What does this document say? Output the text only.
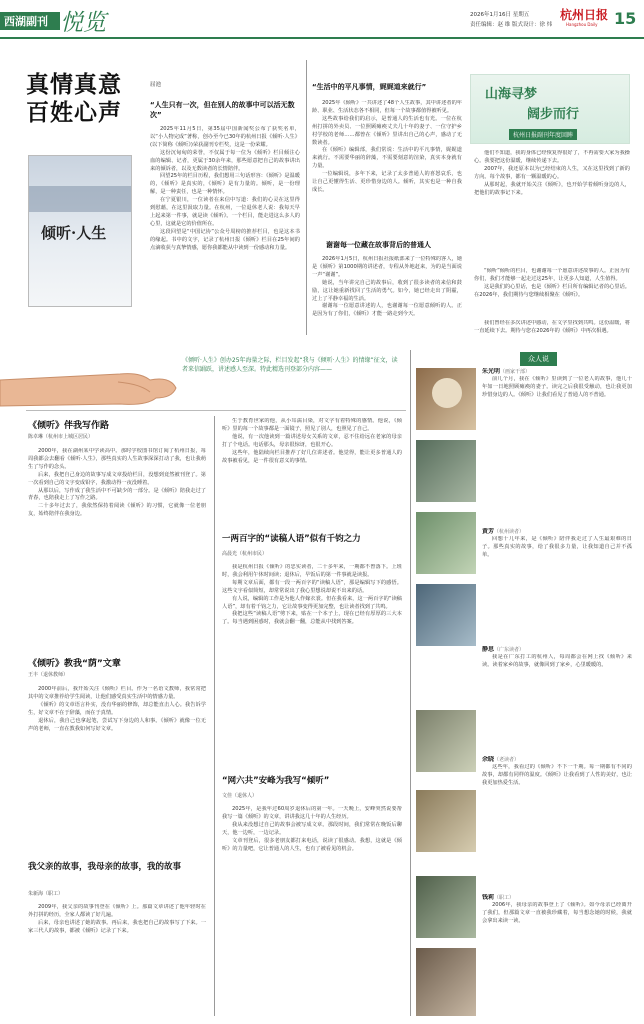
西湖副刊 悦览	2026年1月16日 星期五
责任编辑：赵 维 版式设计：徐 炜
杭州日报
Hangzhou Daily 15
真情真意
百姓心声
屈池
倾听·人生
“人生只有一次，但在别人的故事中可以活无数次”

2025年11月5日，第35届中国新闻奖公布了获奖名单，以“小人物完成”著称，创办至今已30年的杭州日报《倾听·人生》(以下简称《倾听》)荣获副刊专栏奖，这是一份荣耀。

这份沉甸甸的荣誉，不仅属于每一位为《倾听》栏目倾注心血的编辑、记者，更属于30余年来，那些愿意把自己的故事讲出来的倾诉者，以及无数读者的长情陪伴。

回望25年的栏目历程，我们想用三句话形容：《倾听》是温暖的，《倾听》是真实的，《倾听》是有力量的。倾听，是一份理解，是一种责任，也是一种情怀。

在宁夏银川，一位读者在来信中写道：我们的心灵在这里得到慰藉，在这里汲取力量。在杭州，一位退休老人说：我每天早上起来第一件事，就是读《倾听》。一个栏目，能走进这么多人的心里，这就是它的价值所在。

这段回望是“中国记协”公众号周榜的推荐栏目，也是这本书的缘起。书中的文字，记录了杭州日报《倾听》栏目在25年间的点滴收获与真挚情感，愿你我都能从中读到一份感动和力量。

“生活中的平凡事情，娓娓道来就行”

2025年《倾听》一共讲述了48个人生故事，其中讲述者的年龄、职业、生活状态各不相同，但每一个故事都值得被听见。

这些故事给我们的启示，是普通人的生活也有光。一位在杭州打拼的外卖员、一位照顾瘫痪丈夫几十年的妻子、一位守护乡村学校的老师……都曾在《倾听》里讲出自己的心声，感动了无数读者。

在《倾听》编辑部，我们常说：生活中的平凡事情，娓娓道来就行。不需要华丽的辞藻，不需要刻意的渲染，真实本身就有力量。

一位编辑说，多年下来，记录了太多普通人的喜怒哀乐，也让自己更懂得生活、更珍惜身边的人。倾听，其实也是一种自我成长。

谢谢每一位藏在故事背后的普通人

2026年1月5日，杭州日报社报纸部来了一位特殊的客人，她是《倾听》第1000期的讲述者，专程从外地赶来，为的是当面说一声“谢谢”。

她说，当年讲完自己的故事后，收到了很多读者的来信和鼓励，这让她重新找回了生活的勇气。如今，她已经走出了阴霾，过上了平静幸福的生活。

谢谢每一位愿意讲述的人，也谢谢每一位愿意倾听的人。正是因为有了你们，《倾听》才能一路走到今天。

山海寻梦
阔步而行
杭州日报副刊年度回眸

他们不知道，我的身体已经恢复得很好了，不再需要大家为我操心。我要把这份温暖，继续传递下去。

2007年，我还原本以为已经结束的人生，又在这里找到了新的方向。每个故事，都有一颗温暖的心。

从那时起，我就开始关注《倾听》，也开始学着倾听身边的人，把他们的故事记下来。

“倾听”倾听的栏目，也谢谢每一个愿意讲述故事的人。正因为有你们，我们才能够一起走过这25年，让更多人知道，人生值得。

这是我们的心里话，也是《倾听》栏目所有编辑记者的心里话。在2026年，我们期待与您继续相聚在《倾听》。

我们曾经在多次讲述中感动，在文字里找到共鸣。这份温暖，将一直延续下去。期待与您在2026年的《倾听》中再次相遇。

《倾听·人生》创办25年海量之际，栏目发起“我与《倾听·人生》的情缘”征文，读者来信踊跃，讲述感人至深。特此精选刊登部分内容——
《倾听》伴我写作路
陈卓琳（杭州市上城区居民）

2000年，我在湖州某中学读高中。那时学校图书馆订阅了杭州日报，每周我都会去翻看《倾听·人生》，那些真实的人生故事深深打动了我，也让我萌生了写作的念头。

后来，我把自己身边的故事写成文章投给栏目，没想到竟然被刊登了。第一次看到自己的文字变成铅字，我激动得一夜没睡着。

从那以后，写作成了我生活中不可缺少的一部分。是《倾听》陪我走过了青春，也陪我走上了写作之路。

二十多年过去了，我依然保持着阅读《倾听》的习惯，它就像一位老朋友，始终陪伴在我身边。

《倾听》教我“荫”文章
王丰（退休教师）

2000年前后，我开始关注《倾听》栏目。作为一名语文教师，我常常把其中的文章推荐给学生阅读，让他们感受真实生活中的情感力量。

《倾听》的文章语言朴实，没有华丽的修饰，却总能直击人心。我告诉学生，好文章不在于辞藻，而在于真情。

退休后，我自己也拿起笔，尝试写下身边的人和事。《倾听》就像一位无声的老师，一直在教我如何写好文章。

我父亲的故事，我母亲的故事，我的故事
朱新海（职工）

2009年，我父亲的故事刊登在《倾听》上。那篇文章讲述了他年轻时在外打拼的经历，全家人都读了好几遍。

后来，母亲也讲述了她的故事。再后来，我也把自己的故事写了下来。一家三代人的故事，都被《倾听》记录了下来。

生于教育世家的他，从小耳濡目染，对文字有着特殊的感情。他说，《倾听》里的每一个故事都是一面镜子，照见了别人，也照见了自己。

他说，有一次他读到一篇讲述母女关系的文章，忍不住给远在老家的母亲打了个电话。电话那头，母亲很惊讶，也很开心。

这些年，他陆续向栏目推荐了好几位讲述者。他觉得，能让更多普通人的故事被看见，是一件很有意义的事情。

一两百字的“读稿人语”似有千钧之力
高晨光（杭州市民）

我是杭州日报《倾听》的忠实读者，二十多年来，一期都不曾落下。上班时，我会利用午休时间读；退休后，早饭后的第一件事就是读报。

每期文章后面，都有一段一两百字的“读稿人语”，那是编辑写下的感悟。这些文字看似简短，却常常说出了我心里想说却说不出来的话。

有人说，编辑的工作是为他人作嫁衣裳。但在我看来，这一两百字的“读稿人语”，却有着千钧之力，它让故事变得更加完整，也让读者找到了共鸣。

我把这些“读稿人语”剪下来，贴在一个本子上，现在已经有厚厚的三大本了。每当遇到困惑时，我就会翻一翻，总能从中找到答案。

“网六共”安峰为我写“倾听”
文佳（退休人）

2025年，是我年过60周岁退休后的第一年。一天晚上，安峰突然说要帮我写一篇《倾听》的文章，讲讲我这几十年的人生经历。

我从来没想过自己的故事会被写成文章。那段时间，我们常常在晚饭后聊天，他一边听，一边记录。

文章刊登后，很多老朋友都打来电话，说读了很感动。我想，这就是《倾听》的力量吧，它让普通人的人生，也有了被看见的机会。

众人说
朱光明（画家干部）
前几个月，我在《倾听》里读到了一位老人的故事，他几十年如一日地照顾瘫痪的妻子。读完之后我很受触动，也让我更加珍惜身边的人。《倾听》让我们看见了普通人的不普通。
黄芳（杭州读者）
回想十几年来，是《倾听》陪伴我走过了人生最艰难的日子。那些真实的故事，给了我很多力量，让我知道自己并不孤单。
静思（广东读者）
我是在广东打工的杭州人，每周都会在网上找《倾听》来读。读着家乡的故事，就像回到了家乡，心里暖暖的。
余晓（老读者）
这些年，我看过的《倾听》不下一千期。每一期都有不同的故事，却都有同样的温度。《倾听》让我看到了人性的美好，也让我更加热爱生活。
钱莉（职工）
2006年，我母亲的故事登上了《倾听》。如今母亲已经离开了我们，但那篇文章一直被我珍藏着，每当想念她的时候，我就会拿出来读一读。
